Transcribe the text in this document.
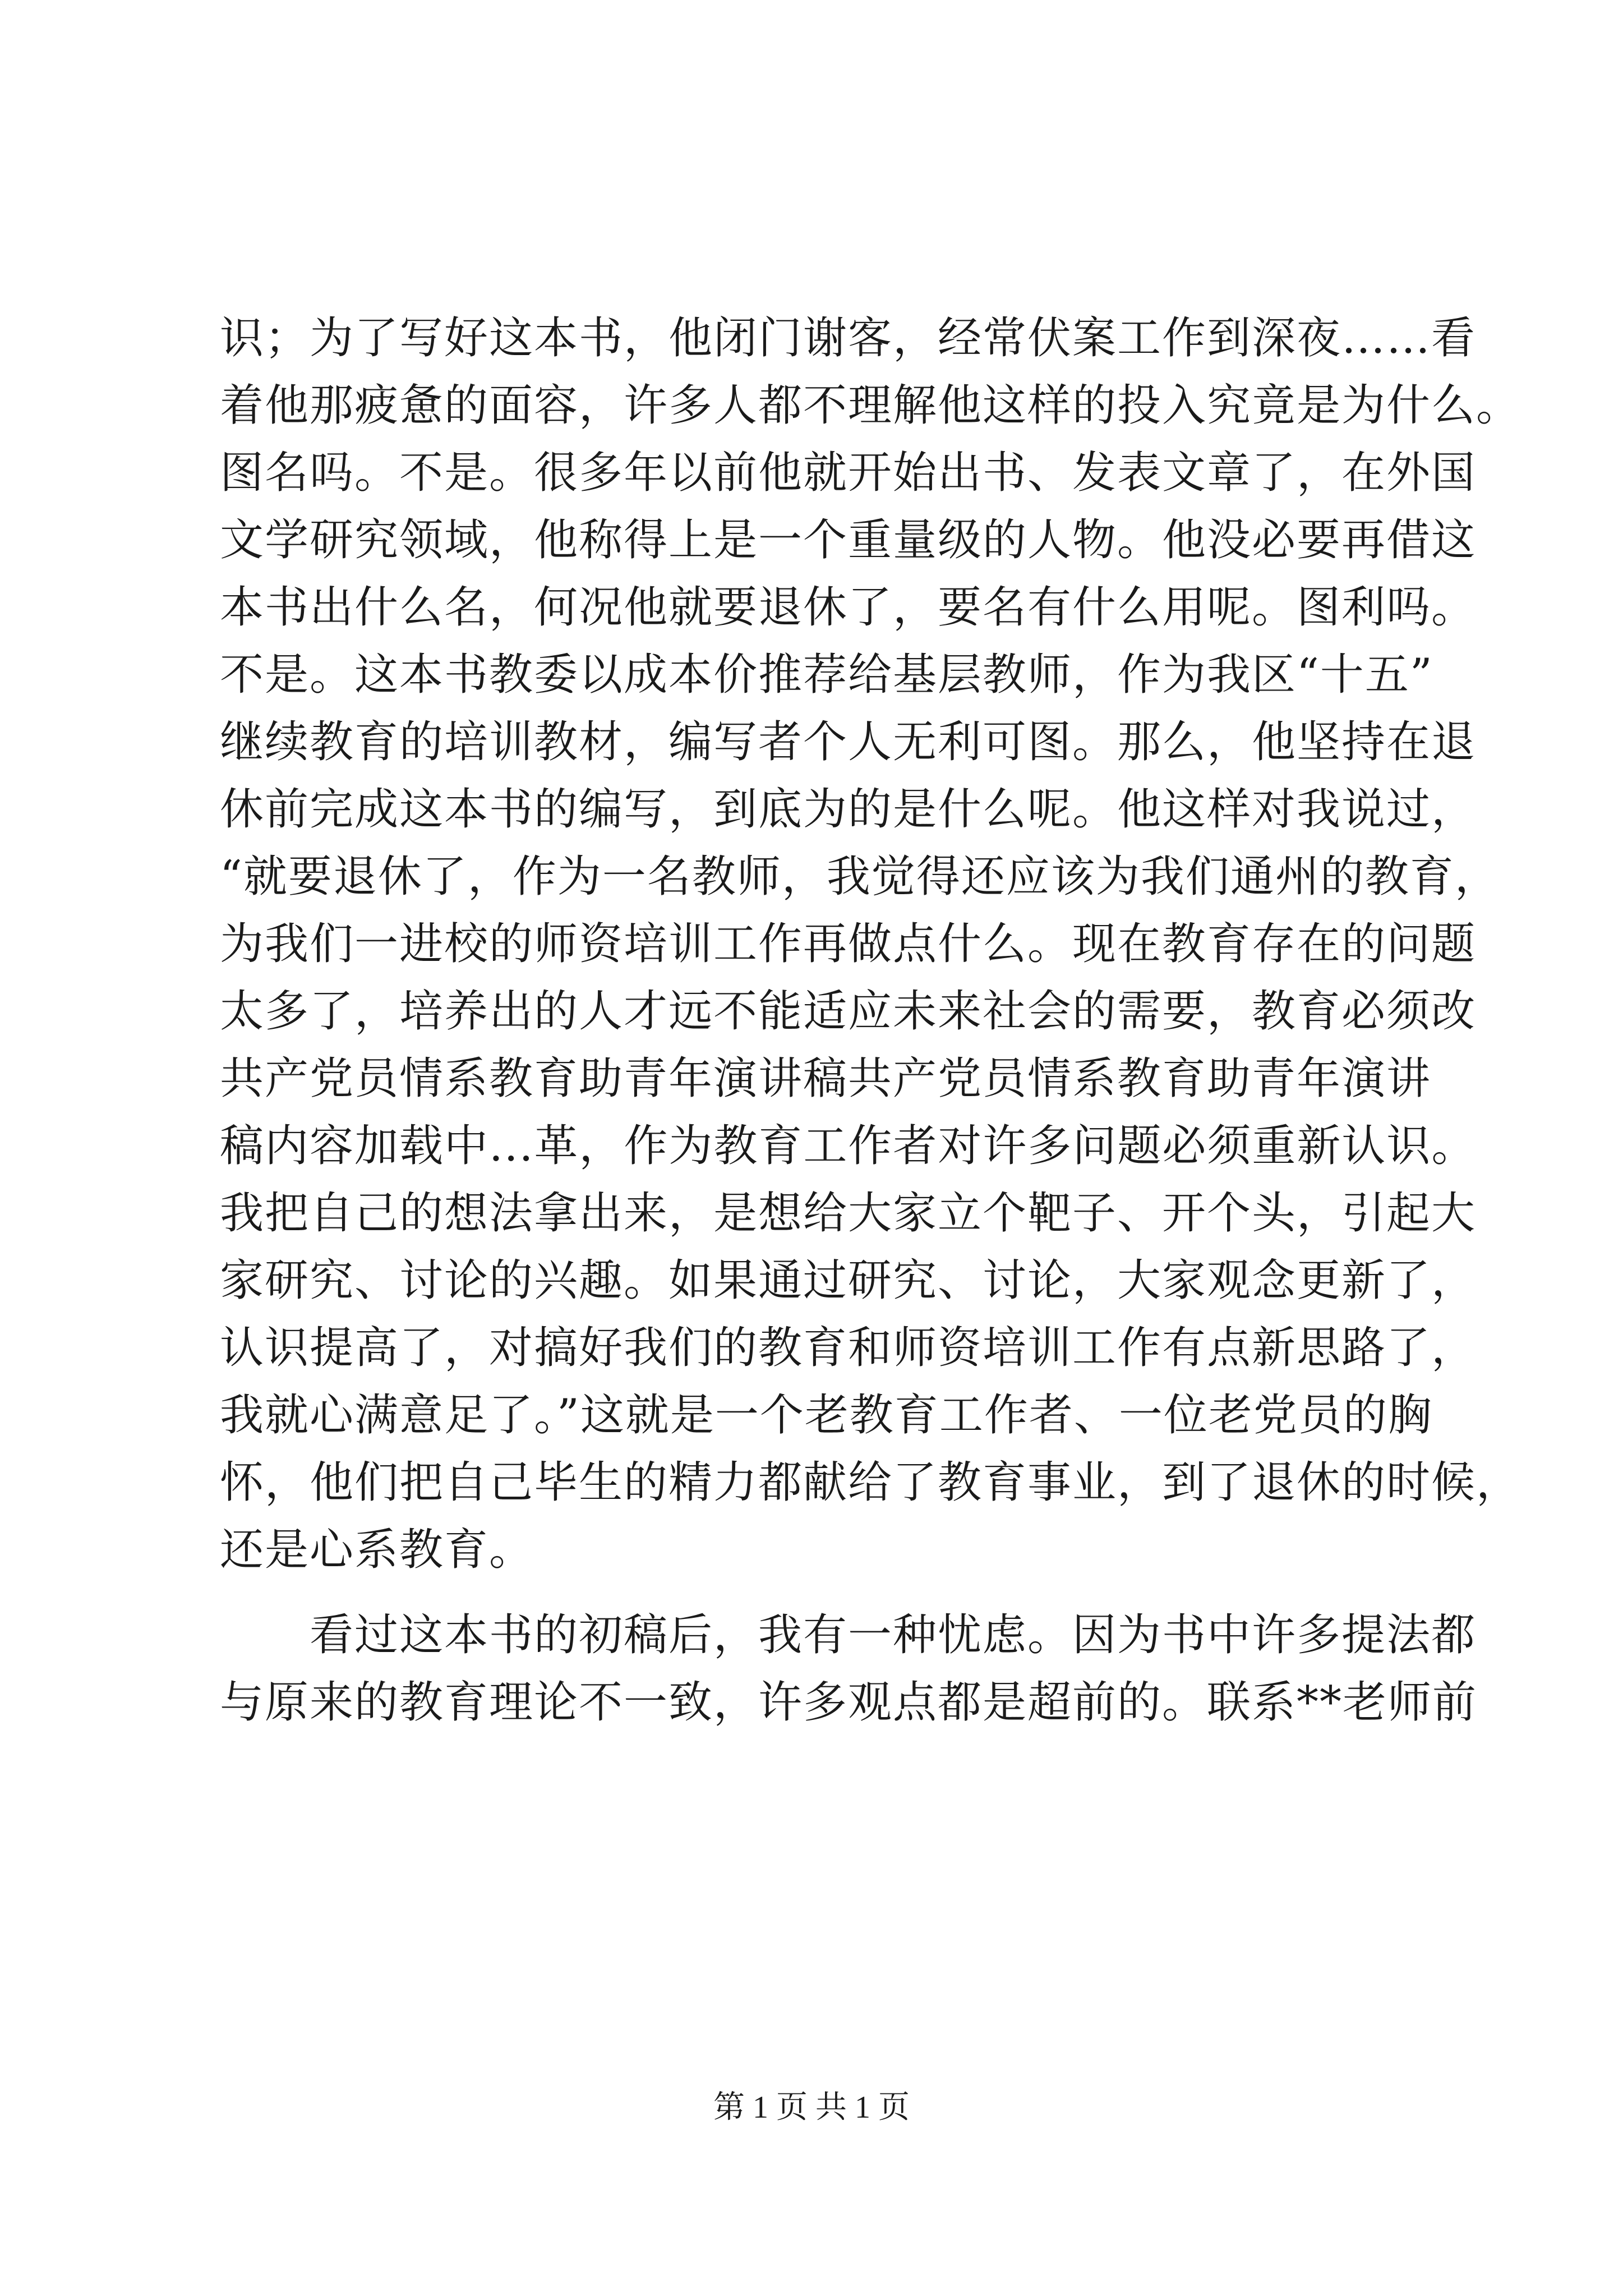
识；为了写好这本书，他闭门谢客，经常伏案工作到深夜……看
着他那疲惫的面容，许多人都不理解他这样的投入究竟是为什么。
图名吗。不是。很多年以前他就开始出书、发表文章了，在外国
文学研究领域，他称得上是一个重量级的人物。他没必要再借这
本书出什么名，何况他就要退休了，要名有什么用呢。图利吗。
不是。这本书教委以成本价推荐给基层教师，作为我区“十五”
继续教育的培训教材，编写者个人无利可图。那么，他坚持在退
休前完成这本书的编写，到底为的是什么呢。他这样对我说过，
“就要退休了，作为一名教师，我觉得还应该为我们通州的教育，
为我们一进校的师资培训工作再做点什么。现在教育存在的问题
太多了，培养出的人才远不能适应未来社会的需要，教育必须改
共产党员情系教育助青年演讲稿共产党员情系教育助青年演讲
稿内容加载中...革，作为教育工作者对许多问题必须重新认识。
我把自己的想法拿出来，是想给大家立个靶子、开个头，引起大
家研究、讨论的兴趣。如果通过研究、讨论，大家观念更新了，
认识提高了，对搞好我们的教育和师资培训工作有点新思路了，
我就心满意足了。”这就是一个老教育工作者、一位老党员的胸
怀，他们把自己毕生的精力都献给了教育事业，到了退休的时候，
还是心系教育。
看过这本书的初稿后，我有一种忧虑。因为书中许多提法都
与原来的教育理论不一致，许多观点都是超前的。联系**老师前
第 1 页 共 1 页
